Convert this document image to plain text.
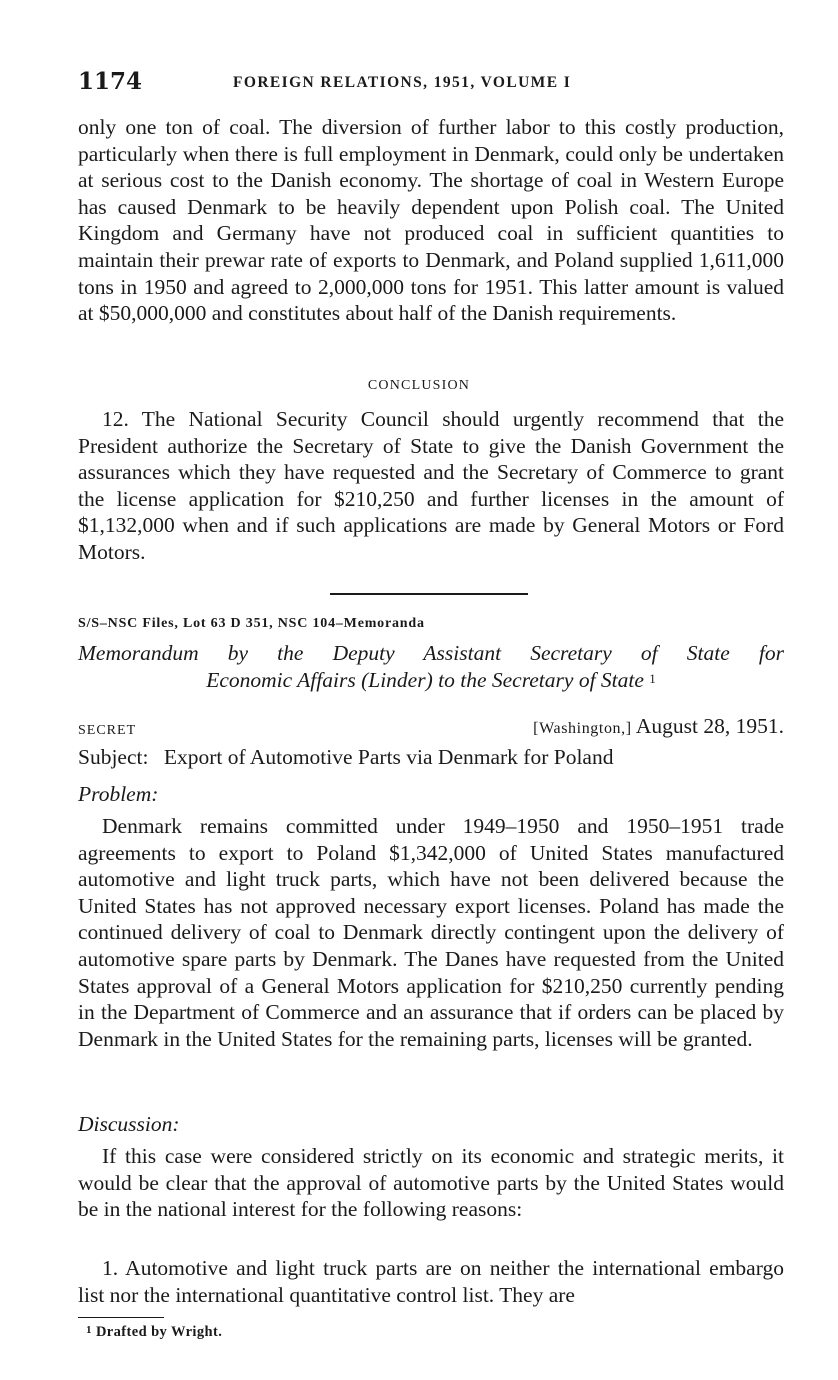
1174	FOREIGN RELATIONS, 1951, VOLUME I
only one ton of coal. The diversion of further labor to this costly production, particularly when there is full employment in Denmark, could only be undertaken at serious cost to the Danish economy. The shortage of coal in Western Europe has caused Denmark to be heavily dependent upon Polish coal. The United Kingdom and Germany have not produced coal in sufficient quantities to maintain their prewar rate of exports to Denmark, and Poland supplied 1,611,000 tons in 1950 and agreed to 2,000,000 tons for 1951. This latter amount is valued at $50,000,000 and constitutes about half of the Danish requirements.
CONCLUSION
12. The National Security Council should urgently recommend that the President authorize the Secretary of State to give the Danish Government the assurances which they have requested and the Secretary of Commerce to grant the license application for $210,250 and further licenses in the amount of $1,132,000 when and if such applications are made by General Motors or Ford Motors.
S/S–NSC Files, Lot 63 D 351, NSC 104–Memoranda
Memorandum by the Deputy Assistant Secretary of State for
Economic Affairs (Linder) to the Secretary of State $^1$
SECRET	[Washington,] August 28, 1951.
Subject: Export of Automotive Parts via Denmark for Poland
Problem:
Denmark remains committed under 1949–1950 and 1950–1951 trade agreements to export to Poland $1,342,000 of United States manufactured automotive and light truck parts, which have not been delivered because the United States has not approved necessary export licenses. Poland has made the continued delivery of coal to Denmark directly contingent upon the delivery of automotive spare parts by Denmark. The Danes have requested from the United States approval of a General Motors application for $210,250 currently pending in the Department of Commerce and an assurance that if orders can be placed by Denmark in the United States for the remaining parts, licenses will be granted.
Discussion:
If this case were considered strictly on its economic and strategic merits, it would be clear that the approval of automotive parts by the United States would be in the national interest for the following reasons:
1. Automotive and light truck parts are on neither the international embargo list nor the international quantitative control list. They are
$^1$ Drafted by Wright.
